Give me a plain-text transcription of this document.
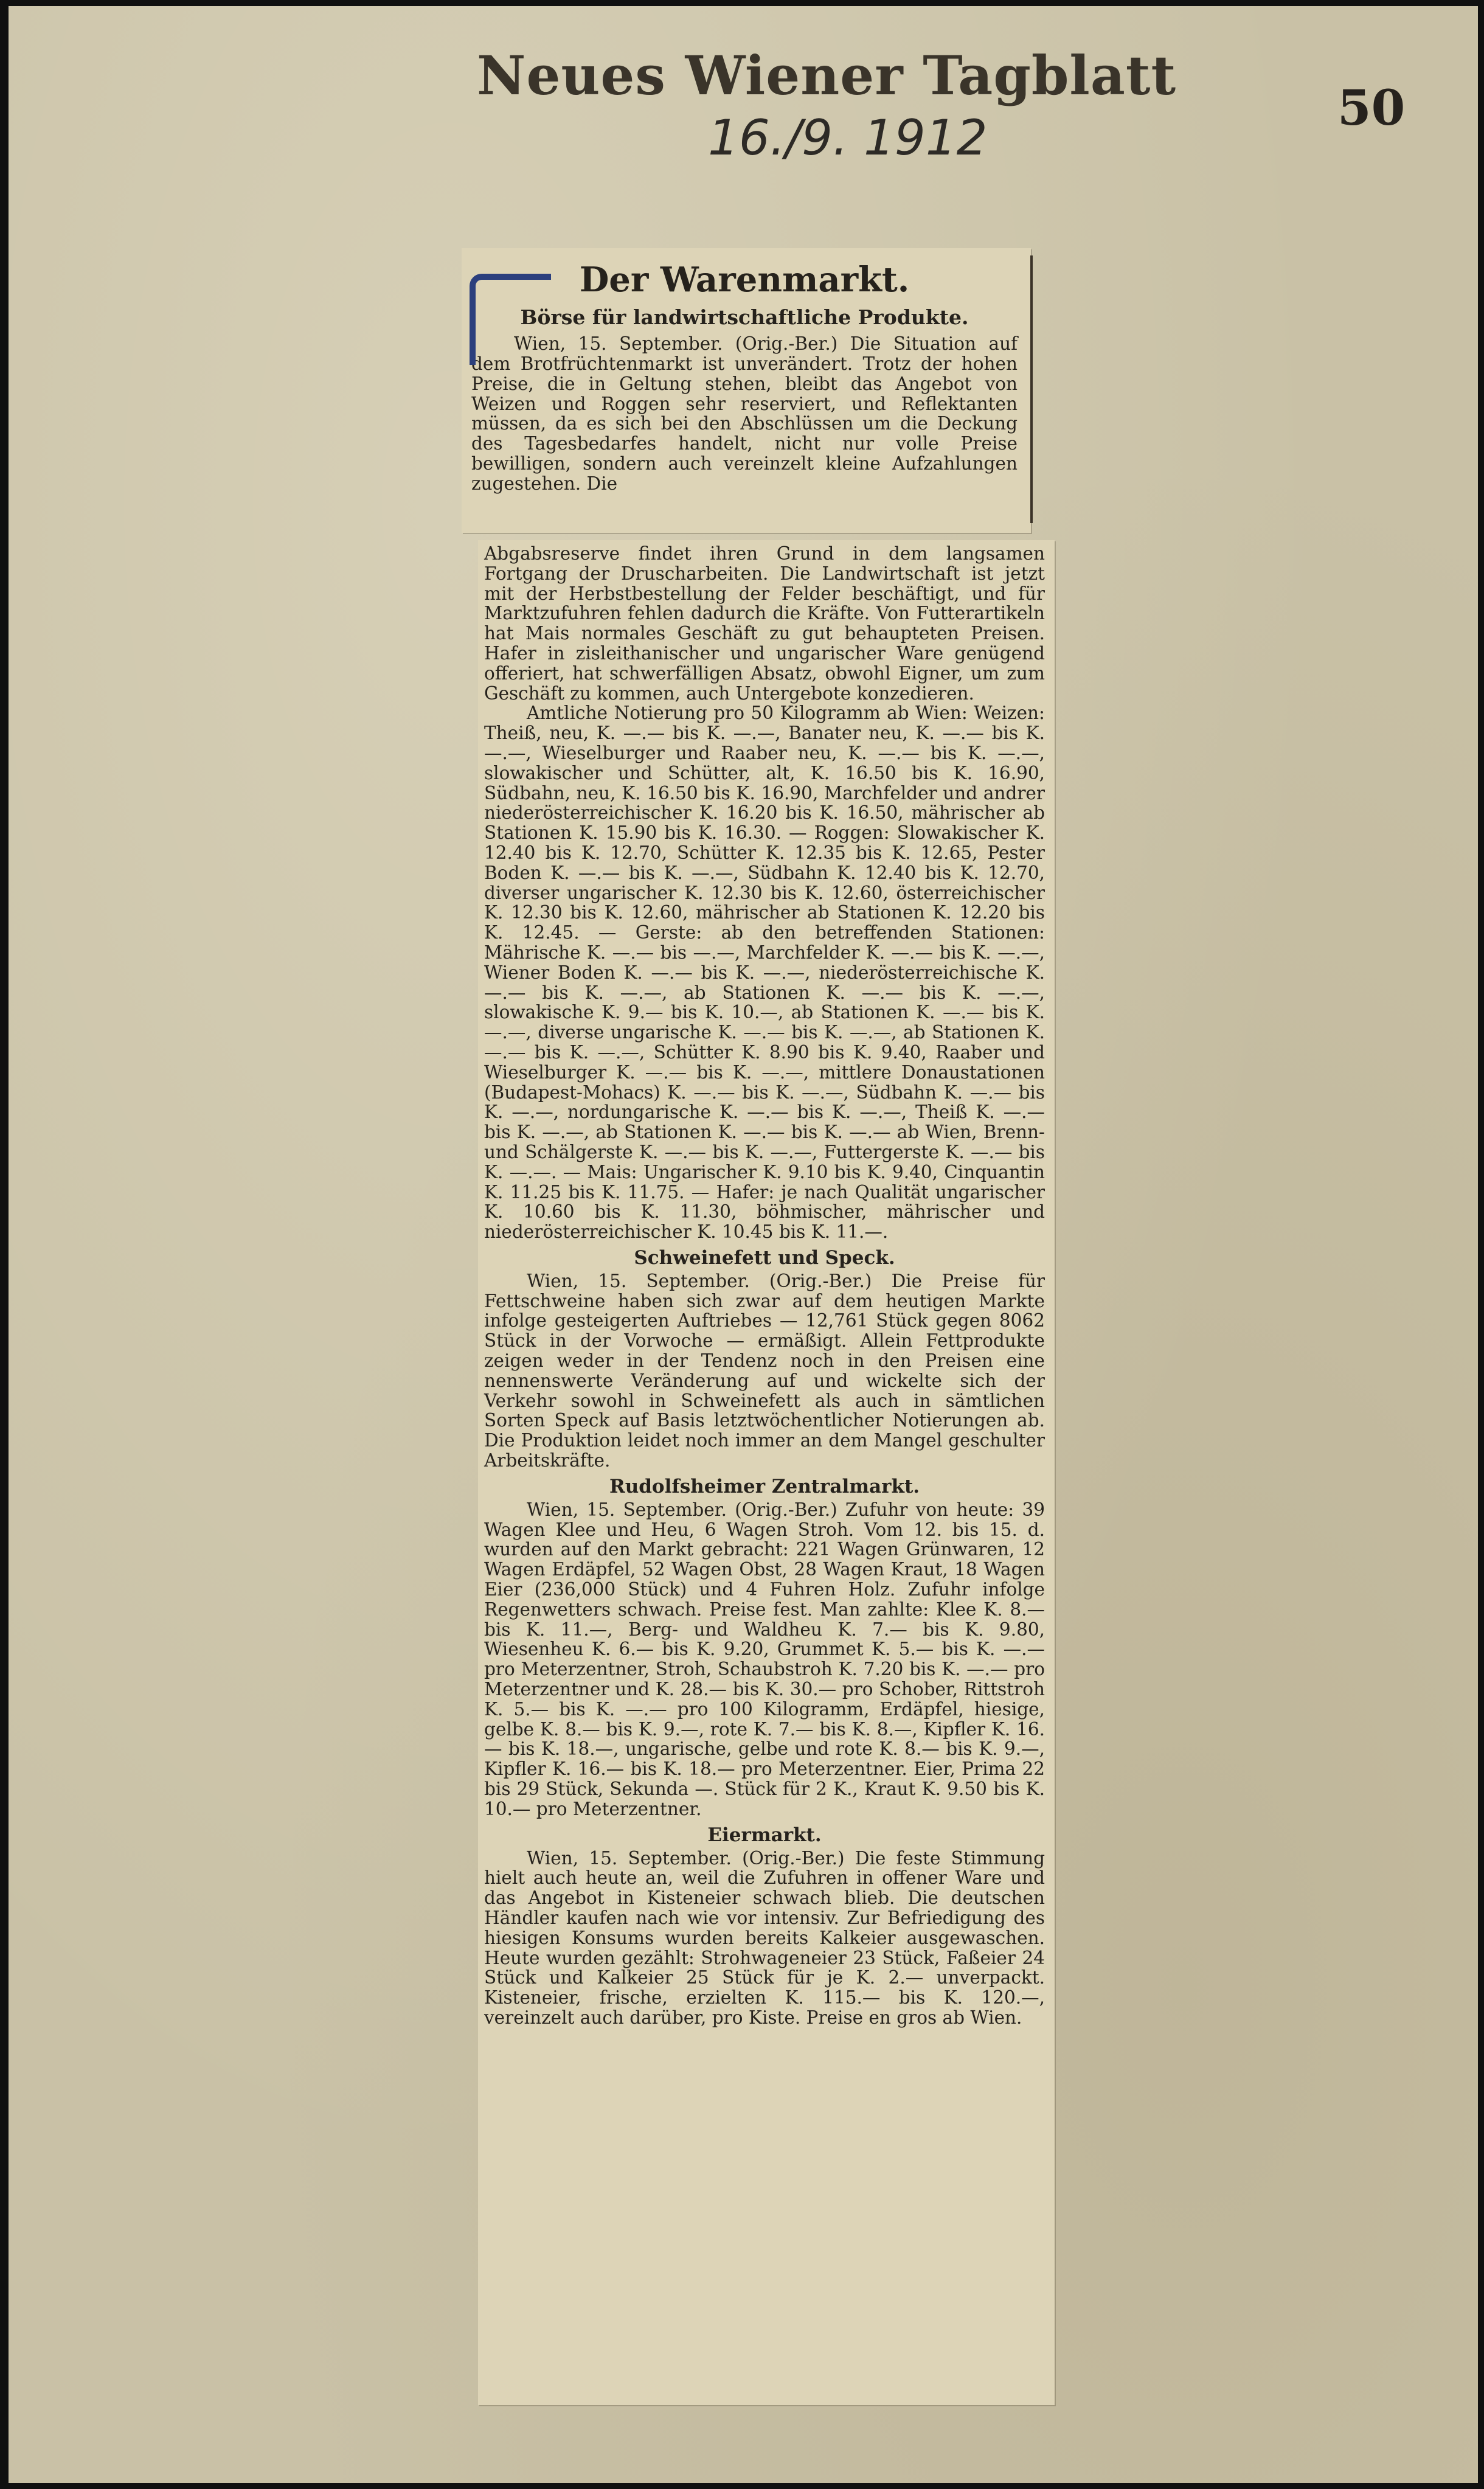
Neues Wiener Tagblatt
16./9. 1912
50
Der Warenmarkt.
Börse für landwirtschaftliche Produkte.

Wien, 15. September. (Orig.-Ber.) Die Situation auf dem Brotfrüchtenmarkt ist unverändert. Trotz der hohen Preise, die in Geltung stehen, bleibt das Angebot von Weizen und Roggen sehr reserviert, und Reflektanten müssen, da es sich bei den Abschlüssen um die Deckung des Tagesbedarfes handelt, nicht nur volle Preise bewilligen, sondern auch vereinzelt kleine Aufzahlungen zugestehen. Die

Abgabsreserve findet ihren Grund in dem langsamen Fortgang der Druscharbeiten. Die Landwirtschaft ist jetzt mit der Herbstbestellung der Felder beschäftigt, und für Marktzufuhren fehlen dadurch die Kräfte. Von Futterartikeln hat Mais normales Geschäft zu gut behaupteten Preisen. Hafer in zisleithanischer und ungarischer Ware genügend offeriert, hat schwerfälligen Absatz, obwohl Eigner, um zum Geschäft zu kommen, auch Untergebote konzedieren.

Amtliche Notierung pro 50 Kilogramm ab Wien: Weizen: Theiß, neu, K. —.— bis K. —.—, Banater neu, K. —.— bis K. —.—, Wieselburger und Raaber neu, K. —.— bis K. —.—, slowakischer und Schütter, alt, K. 16.50 bis K. 16.90, Südbahn, neu, K. 16.50 bis K. 16.90, Marchfelder und andrer niederösterreichischer K. 16.20 bis K. 16.50, mährischer ab Stationen K. 15.90 bis K. 16.30. — Roggen: Slowakischer K. 12.40 bis K. 12.70, Schütter K. 12.35 bis K. 12.65, Pester Boden K. —.— bis K. —.—, Südbahn K. 12.40 bis K. 12.70, diverser ungarischer K. 12.30 bis K. 12.60, österreichischer K. 12.30 bis K. 12.60, mährischer ab Stationen K. 12.20 bis K. 12.45. — Gerste: ab den betreffenden Stationen: Mährische K. —.— bis —.—, Marchfelder K. —.— bis K. —.—, Wiener Boden K. —.— bis K. —.—, niederösterreichische K. —.— bis K. —.—, ab Stationen K. —.— bis K. —.—, slowakische K. 9.— bis K. 10.—, ab Stationen K. —.— bis K. —.—, diverse ungarische K. —.— bis K. —.—, ab Stationen K. —.— bis K. —.—, Schütter K. 8.90 bis K. 9.40, Raaber und Wieselburger K. —.— bis K. —.—, mittlere Donaustationen (Budapest-Mohacs) K. —.— bis K. —.—, Südbahn K. —.— bis K. —.—, nordungarische K. —.— bis K. —.—, Theiß K. —.— bis K. —.—, ab Stationen K. —.— bis K. —.— ab Wien, Brenn- und Schälgerste K. —.— bis K. —.—, Futtergerste K. —.— bis K. —.—. — Mais: Ungarischer K. 9.10 bis K. 9.40, Cinquantin K. 11.25 bis K. 11.75. — Hafer: je nach Qualität ungarischer K. 10.60 bis K. 11.30, böhmischer, mährischer und niederösterreichischer K. 10.45 bis K. 11.—.

Schweinefett und Speck.

Wien, 15. September. (Orig.-Ber.) Die Preise für Fettschweine haben sich zwar auf dem heutigen Markte infolge gesteigerten Auftriebes — 12,761 Stück gegen 8062 Stück in der Vorwoche — ermäßigt. Allein Fettprodukte zeigen weder in der Tendenz noch in den Preisen eine nennenswerte Veränderung auf und wickelte sich der Verkehr sowohl in Schweinefett als auch in sämtlichen Sorten Speck auf Basis letztwöchentlicher Notierungen ab. Die Produktion leidet noch immer an dem Mangel geschulter Arbeitskräfte.

Rudolfsheimer Zentralmarkt.

Wien, 15. September. (Orig.-Ber.) Zufuhr von heute: 39 Wagen Klee und Heu, 6 Wagen Stroh. Vom 12. bis 15. d. wurden auf den Markt gebracht: 221 Wagen Grünwaren, 12 Wagen Erdäpfel, 52 Wagen Obst, 28 Wagen Kraut, 18 Wagen Eier (236,000 Stück) und 4 Fuhren Holz. Zufuhr infolge Regenwetters schwach. Preise fest. Man zahlte: Klee K. 8.— bis K. 11.—, Berg- und Waldheu K. 7.— bis K. 9.80, Wiesenheu K. 6.— bis K. 9.20, Grummet K. 5.— bis K. —.— pro Meterzentner, Stroh, Schaubstroh K. 7.20 bis K. —.— pro Meterzentner und K. 28.— bis K. 30.— pro Schober, Rittstroh K. 5.— bis K. —.— pro 100 Kilogramm, Erdäpfel, hiesige, gelbe K. 8.— bis K. 9.—, rote K. 7.— bis K. 8.—, Kipfler K. 16.— bis K. 18.—, ungarische, gelbe und rote K. 8.— bis K. 9.—, Kipfler K. 16.— bis K. 18.— pro Meterzentner. Eier, Prima 22 bis 29 Stück, Sekunda —. Stück für 2 K., Kraut K. 9.50 bis K. 10.— pro Meterzentner.

Eiermarkt.

Wien, 15. September. (Orig.-Ber.) Die feste Stimmung hielt auch heute an, weil die Zufuhren in offener Ware und das Angebot in Kisteneier schwach blieb. Die deutschen Händler kaufen nach wie vor intensiv. Zur Befriedigung des hiesigen Konsums wurden bereits Kalkeier ausgewaschen. Heute wurden gezählt: Strohwageneier 23 Stück, Faßeier 24 Stück und Kalkeier 25 Stück für je K. 2.— unverpackt. Kisteneier, frische, erzielten K. 115.— bis K. 120.—, vereinzelt auch darüber, pro Kiste. Preise en gros ab Wien.
